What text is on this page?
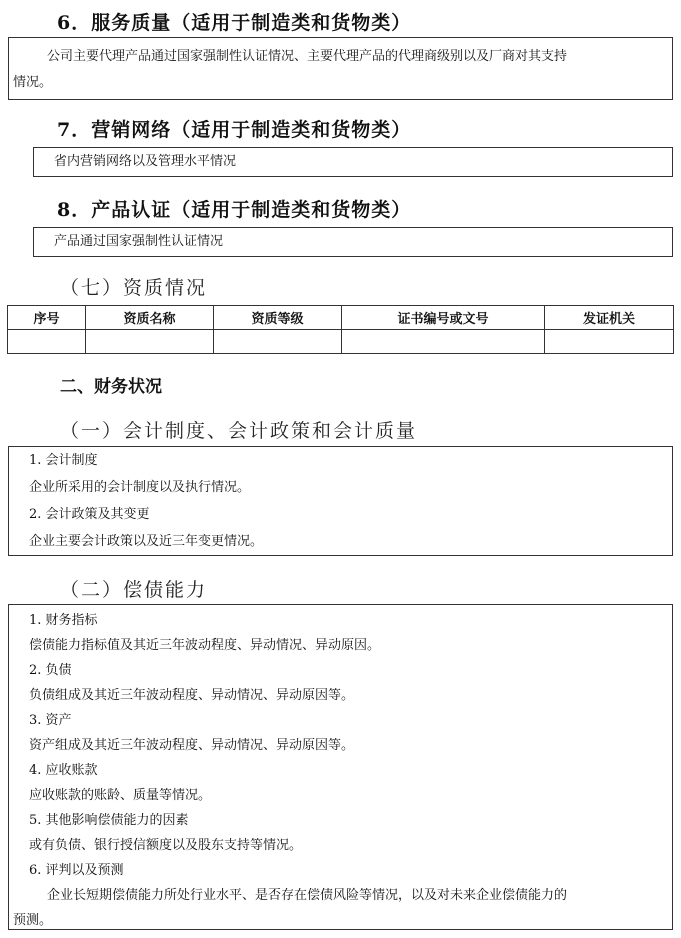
6．服务质量（适用于制造类和货物类）
公司主要代理产品通过国家强制性认证情况、主要代理产品的代理商级别以及厂商对其支持
情况。
7．营销网络（适用于制造类和货物类）
省内营销网络以及管理水平情况
8．产品认证（适用于制造类和货物类）
产品通过国家强制性认证情况
（七）资质情况
序号	资质名称	资质等级	证书编号或文号	发证机关

二、财务状况
（一）会计制度、会计政策和会计质量
1. 会计制度
企业所采用的会计制度以及执行情况。
2. 会计政策及其变更
企业主要会计政策以及近三年变更情况。
（二）偿债能力
1. 财务指标
偿债能力指标值及其近三年波动程度、异动情况、异动原因。
2. 负债
负债组成及其近三年波动程度、异动情况、异动原因等。
3. 资产
资产组成及其近三年波动程度、异动情况、异动原因等。
4. 应收账款
应收账款的账龄、质量等情况。
5. 其他影响偿债能力的因素
或有负债、银行授信额度以及股东支持等情况。
6. 评判以及预测
企业长短期偿债能力所处行业水平、是否存在偿债风险等情况，以及对未来企业偿债能力的
预测。
